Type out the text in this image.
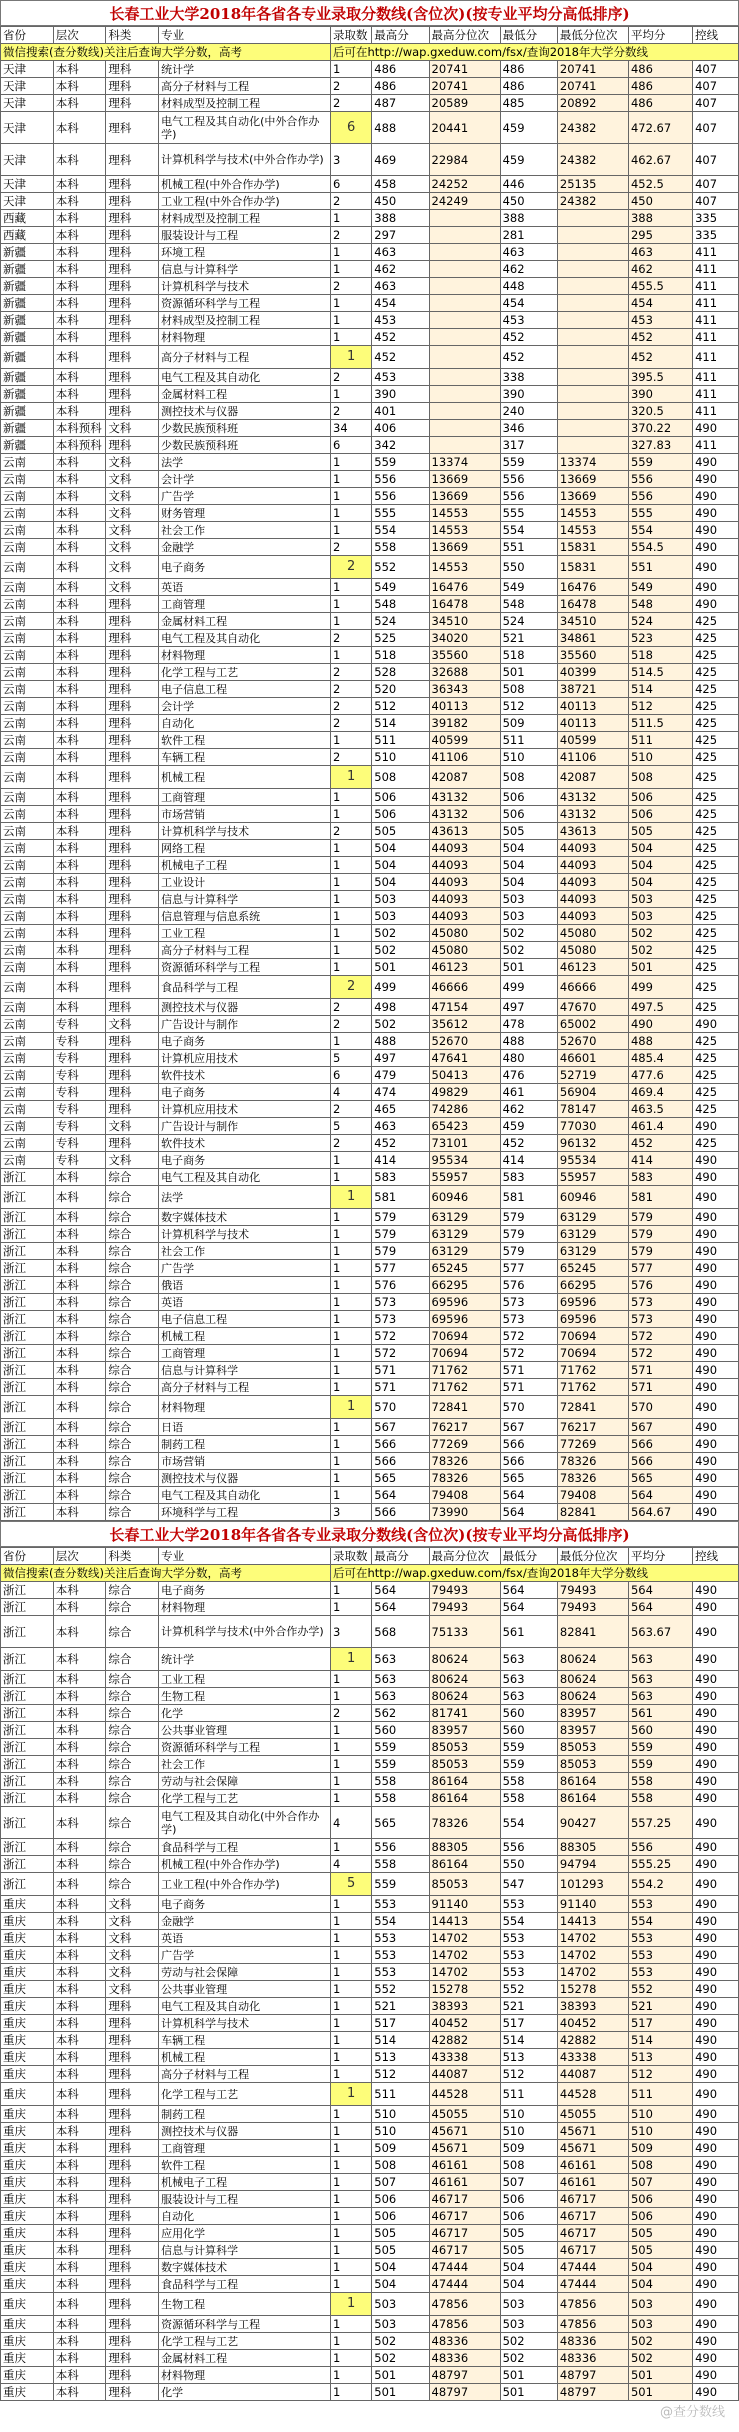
长春工业大学2018年各省各专业录取分数线(含位次)(按专业平均分高低排序)
省份	层次	科类	专业	录取数	最高分	最高分位次	最低分	最低分位次	平均分	控线
微信搜索(查分数线)关注后查询大学分数，高考				后可在http://wap.gxeduw.com/fsx/查询2018年大学分数线						
天津	本科	理科	统计学	1	486	20741	486	20741	486	407
天津	本科	理科	高分子材料与工程	2	486	20741	486	20741	486	407
天津	本科	理科	材料成型及控制工程	2	487	20589	485	20892	486	407
天津	本科	理科	电气工程及其自动化(中外合作办学)	6	488	20441	459	24382	472.67	407
天津	本科	理科	计算机科学与技术(中外合作办学)	3	469	22984	459	24382	462.67	407
天津	本科	理科	机械工程(中外合作办学)	6	458	24252	446	25135	452.5	407
天津	本科	理科	工业工程(中外合作办学)	2	450	24249	450	24382	450	407
西藏	本科	理科	材料成型及控制工程	1	388		388		388	335
西藏	本科	理科	服装设计与工程	2	297		281		295	335
新疆	本科	理科	环境工程	1	463		463		463	411
新疆	本科	理科	信息与计算科学	1	462		462		462	411
新疆	本科	理科	计算机科学与技术	2	463		448		455.5	411
新疆	本科	理科	资源循环科学与工程	1	454		454		454	411
新疆	本科	理科	材料成型及控制工程	1	453		453		453	411
新疆	本科	理科	材料物理	1	452		452		452	411
新疆	本科	理科	高分子材料与工程	1	452		452		452	411
新疆	本科	理科	电气工程及其自动化	2	453		338		395.5	411
新疆	本科	理科	金属材料工程	1	390		390		390	411
新疆	本科	理科	测控技术与仪器	2	401		240		320.5	411
新疆	本科预科	文科	少数民族预科班	34	406		346		370.22	490
新疆	本科预科	理科	少数民族预科班	6	342		317		327.83	411
云南	本科	文科	法学	1	559	13374	559	13374	559	490
云南	本科	文科	会计学	1	556	13669	556	13669	556	490
云南	本科	文科	广告学	1	556	13669	556	13669	556	490
云南	本科	文科	财务管理	1	555	14553	555	14553	555	490
云南	本科	文科	社会工作	1	554	14553	554	14553	554	490
云南	本科	文科	金融学	2	558	13669	551	15831	554.5	490
云南	本科	文科	电子商务	2	552	14553	550	15831	551	490
云南	本科	文科	英语	1	549	16476	549	16476	549	490
云南	本科	理科	工商管理	1	548	16478	548	16478	548	490
云南	本科	理科	金属材料工程	1	524	34510	524	34510	524	425
云南	本科	理科	电气工程及其自动化	2	525	34020	521	34861	523	425
云南	本科	理科	材料物理	1	518	35560	518	35560	518	425
云南	本科	理科	化学工程与工艺	2	528	32688	501	40399	514.5	425
云南	本科	理科	电子信息工程	2	520	36343	508	38721	514	425
云南	本科	理科	会计学	2	512	40113	512	40113	512	425
云南	本科	理科	自动化	2	514	39182	509	40113	511.5	425
云南	本科	理科	软件工程	1	511	40599	511	40599	511	425
云南	本科	理科	车辆工程	2	510	41106	510	41106	510	425
云南	本科	理科	机械工程	1	508	42087	508	42087	508	425
云南	本科	理科	工商管理	1	506	43132	506	43132	506	425
云南	本科	理科	市场营销	1	506	43132	506	43132	506	425
云南	本科	理科	计算机科学与技术	2	505	43613	505	43613	505	425
云南	本科	理科	网络工程	1	504	44093	504	44093	504	425
云南	本科	理科	机械电子工程	1	504	44093	504	44093	504	425
云南	本科	理科	工业设计	1	504	44093	504	44093	504	425
云南	本科	理科	信息与计算科学	1	503	44093	503	44093	503	425
云南	本科	理科	信息管理与信息系统	1	503	44093	503	44093	503	425
云南	本科	理科	工业工程	1	502	45080	502	45080	502	425
云南	本科	理科	高分子材料与工程	1	502	45080	502	45080	502	425
云南	本科	理科	资源循环科学与工程	1	501	46123	501	46123	501	425
云南	本科	理科	食品科学与工程	2	499	46666	499	46666	499	425
云南	本科	理科	测控技术与仪器	2	498	47154	497	47670	497.5	425
云南	专科	文科	广告设计与制作	2	502	35612	478	65002	490	490
云南	专科	理科	电子商务	1	488	52670	488	52670	488	425
云南	专科	理科	计算机应用技术	5	497	47641	480	46601	485.4	425
云南	专科	理科	软件技术	6	479	50413	476	52719	477.6	425
云南	专科	理科	电子商务	4	474	49829	461	56904	469.4	425
云南	专科	理科	计算机应用技术	2	465	74286	462	78147	463.5	425
云南	专科	文科	广告设计与制作	5	463	65423	459	77030	461.4	490
云南	专科	理科	软件技术	2	452	73101	452	96132	452	425
云南	专科	文科	电子商务	1	414	95534	414	95534	414	490
浙江	本科	综合	电气工程及其自动化	1	583	55957	583	55957	583	490
浙江	本科	综合	法学	1	581	60946	581	60946	581	490
浙江	本科	综合	数字媒体技术	1	579	63129	579	63129	579	490
浙江	本科	综合	计算机科学与技术	1	579	63129	579	63129	579	490
浙江	本科	综合	社会工作	1	579	63129	579	63129	579	490
浙江	本科	综合	广告学	1	577	65245	577	65245	577	490
浙江	本科	综合	俄语	1	576	66295	576	66295	576	490
浙江	本科	综合	英语	1	573	69596	573	69596	573	490
浙江	本科	综合	电子信息工程	1	573	69596	573	69596	573	490
浙江	本科	综合	机械工程	1	572	70694	572	70694	572	490
浙江	本科	综合	工商管理	1	572	70694	572	70694	572	490
浙江	本科	综合	信息与计算科学	1	571	71762	571	71762	571	490
浙江	本科	综合	高分子材料与工程	1	571	71762	571	71762	571	490
浙江	本科	综合	材料物理	1	570	72841	570	72841	570	490
浙江	本科	综合	日语	1	567	76217	567	76217	567	490
浙江	本科	综合	制药工程	1	566	77269	566	77269	566	490
浙江	本科	综合	市场营销	1	566	78326	566	78326	566	490
浙江	本科	综合	测控技术与仪器	1	565	78326	565	78326	565	490
浙江	本科	综合	电气工程及其自动化	1	564	79408	564	79408	564	490
浙江	本科	综合	环境科学与工程	3	566	73990	564	82841	564.67	490
长春工业大学2018年各省各专业录取分数线(含位次)(按专业平均分高低排序)
省份	层次	科类	专业	录取数	最高分	最高分位次	最低分	最低分位次	平均分	控线
微信搜索(查分数线)关注后查询大学分数，高考				后可在http://wap.gxeduw.com/fsx/查询2018年大学分数线						
浙江	本科	综合	电子商务	1	564	79493	564	79493	564	490
浙江	本科	综合	材料物理	1	564	79493	564	79493	564	490
浙江	本科	综合	计算机科学与技术(中外合作办学)	3	568	75133	561	82841	563.67	490
浙江	本科	综合	统计学	1	563	80624	563	80624	563	490
浙江	本科	综合	工业工程	1	563	80624	563	80624	563	490
浙江	本科	综合	生物工程	1	563	80624	563	80624	563	490
浙江	本科	综合	化学	2	562	81741	560	83957	561	490
浙江	本科	综合	公共事业管理	1	560	83957	560	83957	560	490
浙江	本科	综合	资源循环科学与工程	1	559	85053	559	85053	559	490
浙江	本科	综合	社会工作	1	559	85053	559	85053	559	490
浙江	本科	综合	劳动与社会保障	1	558	86164	558	86164	558	490
浙江	本科	综合	化学工程与工艺	1	558	86164	558	86164	558	490
浙江	本科	综合	电气工程及其自动化(中外合作办学)	4	565	78326	554	90427	557.25	490
浙江	本科	综合	食品科学与工程	1	556	88305	556	88305	556	490
浙江	本科	综合	机械工程(中外合作办学)	4	558	86164	550	94794	555.25	490
浙江	本科	综合	工业工程(中外合作办学)	5	559	85053	547	101293	554.2	490
重庆	本科	文科	电子商务	1	553	91140	553	91140	553	490
重庆	本科	文科	金融学	1	554	14413	554	14413	554	490
重庆	本科	文科	英语	1	553	14702	553	14702	553	490
重庆	本科	文科	广告学	1	553	14702	553	14702	553	490
重庆	本科	文科	劳动与社会保障	1	553	14702	553	14702	553	490
重庆	本科	文科	公共事业管理	1	552	15278	552	15278	552	490
重庆	本科	理科	电气工程及其自动化	1	521	38393	521	38393	521	490
重庆	本科	理科	计算机科学与技术	1	517	40452	517	40452	517	490
重庆	本科	理科	车辆工程	1	514	42882	514	42882	514	490
重庆	本科	理科	机械工程	1	513	43338	513	43338	513	490
重庆	本科	理科	高分子材料与工程	1	512	44087	512	44087	512	490
重庆	本科	理科	化学工程与工艺	1	511	44528	511	44528	511	490
重庆	本科	理科	制药工程	1	510	45055	510	45055	510	490
重庆	本科	理科	测控技术与仪器	1	510	45671	510	45671	510	490
重庆	本科	理科	工商管理	1	509	45671	509	45671	509	490
重庆	本科	理科	软件工程	1	508	46161	508	46161	508	490
重庆	本科	理科	机械电子工程	1	507	46161	507	46161	507	490
重庆	本科	理科	服装设计与工程	1	506	46717	506	46717	506	490
重庆	本科	理科	自动化	1	506	46717	506	46717	506	490
重庆	本科	理科	应用化学	1	505	46717	505	46717	505	490
重庆	本科	理科	信息与计算科学	1	505	46717	505	46717	505	490
重庆	本科	理科	数字媒体技术	1	504	47444	504	47444	504	490
重庆	本科	理科	食品科学与工程	1	504	47444	504	47444	504	490
重庆	本科	理科	生物工程	1	503	47856	503	47856	503	490
重庆	本科	理科	资源循环科学与工程	1	503	47856	503	47856	503	490
重庆	本科	理科	化学工程与工艺	1	502	48336	502	48336	502	490
重庆	本科	理科	金属材料工程	1	502	48336	502	48336	502	490
重庆	本科	理科	材料物理	1	501	48797	501	48797	501	490
重庆	本科	理科	化学	1	501	48797	501	48797	501	490
@查分数线
